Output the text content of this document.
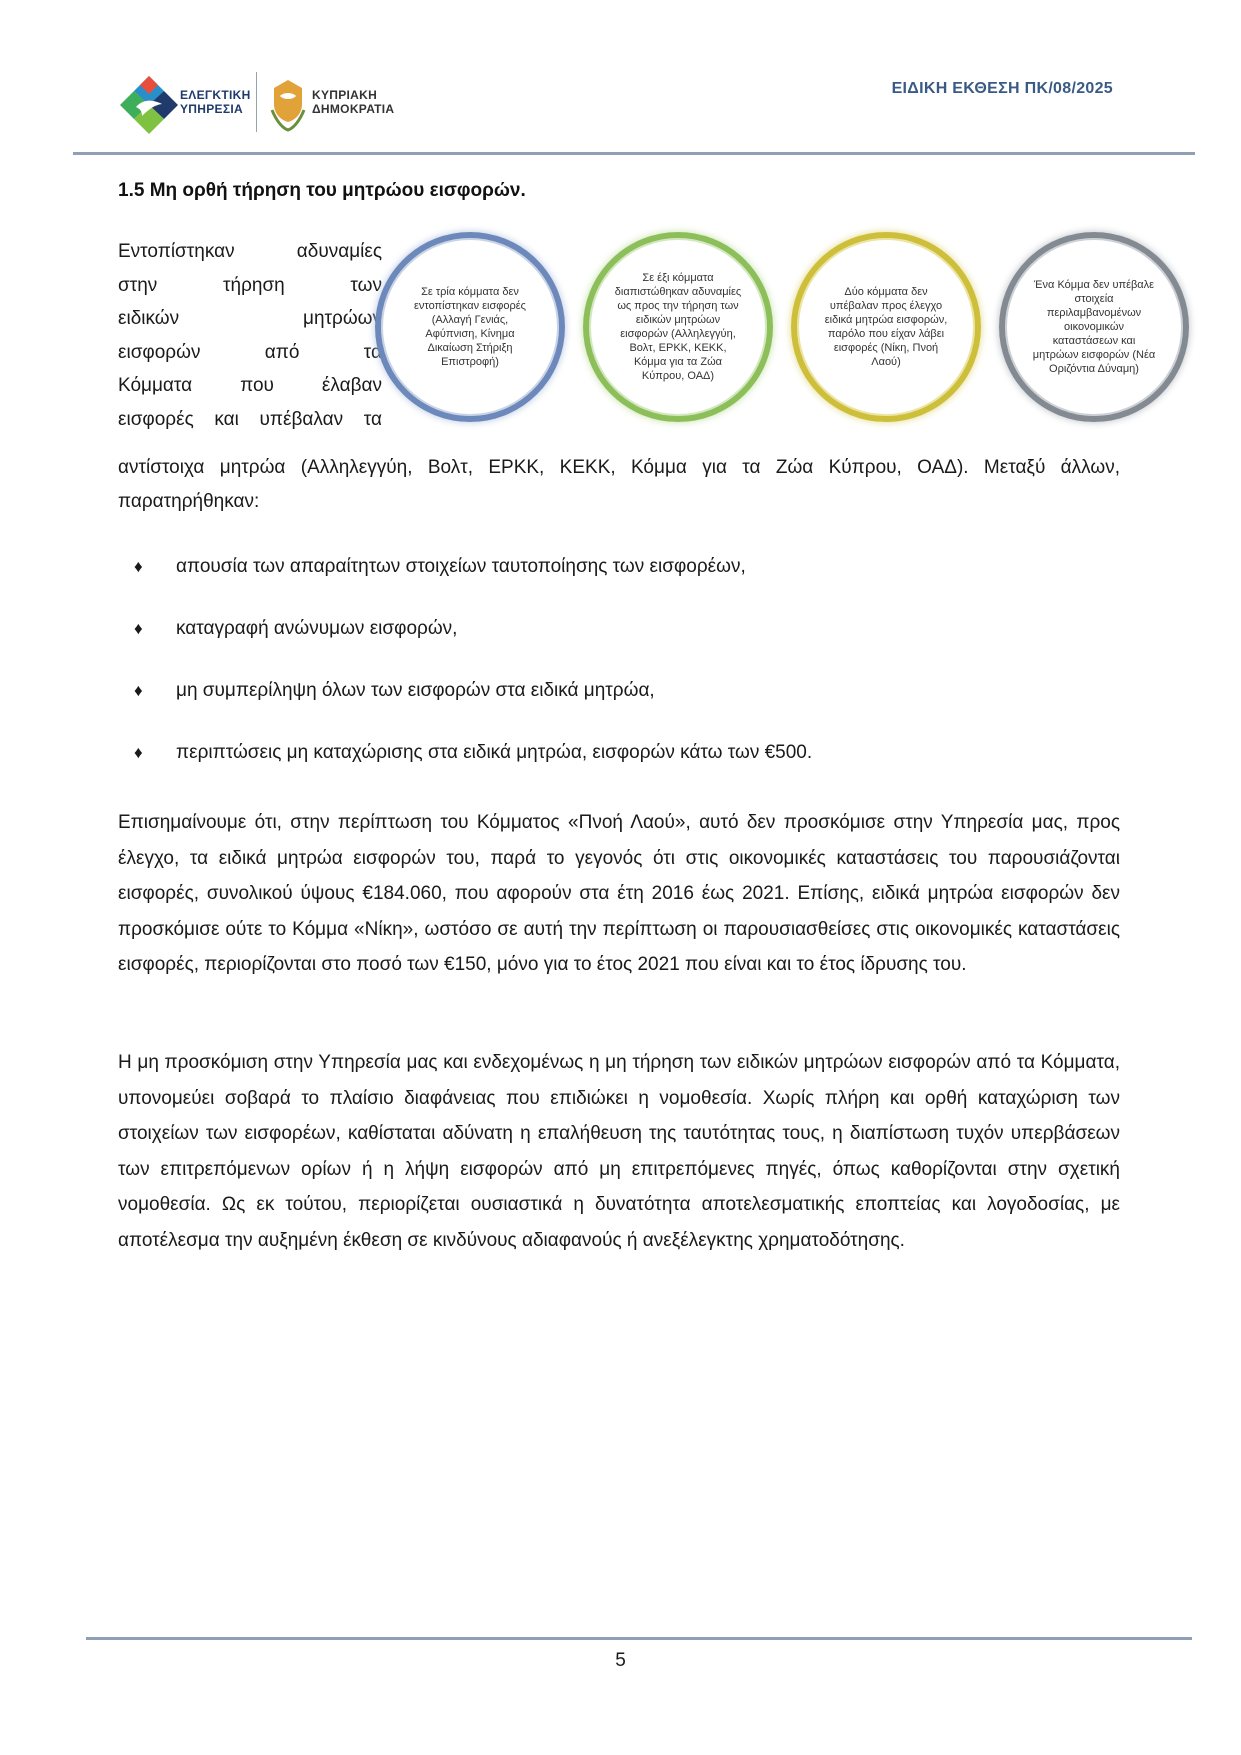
ΕΛΕΓΚΤΙΚΗ
ΥΠΗΡΕΣΙΑ
ΚΥΠΡΙΑΚΗ
ΔΗΜΟΚΡΑΤΙΑ
ΕΙΔΙΚΗ ΕΚΘΕΣΗ ΠΚ/08/2025
1.5 Μη ορθή τήρηση του μητρώου εισφορών.
Εντοπίστηκαν αδυναμίες
στην τήρηση των
ειδικών μητρώων
εισφορών από τα
Κόμματα που έλαβαν
εισφορές και υπέβαλαν τα
Σε τρία κόμματα δεν εντοπίστηκαν εισφορές (Αλλαγή Γενιάς, Αφύπνιση, Κίνημα Δικαίωση Στήριξη Επιστροφή)
Σε έξι κόμματα διαπιστώθηκαν αδυναμίες ως προς την τήρηση των ειδικών μητρώων εισφορών (Αλληλεγγύη, Βολτ, ΕΡΚΚ, ΚΕΚΚ, Κόμμα για τα Ζώα Κύπρου, ΟΑΔ)
Δύο κόμματα δεν υπέβαλαν προς έλεγχο ειδικά μητρώα εισφορών, παρόλο που είχαν λάβει εισφορές (Νίκη, Πνοή Λαού)
Ένα Κόμμα δεν υπέβαλε στοιχεία περιλαμβανομένων οικονομικών καταστάσεων και μητρώων εισφορών (Νέα Οριζόντια Δύναμη)
αντίστοιχα μητρώα (Αλληλεγγύη, Βολτ, ΕΡΚΚ, ΚΕΚΚ, Κόμμα για τα Ζώα Κύπρου, ΟΑΔ). Μεταξύ άλλων, παρατηρήθηκαν:
♦ απουσία των απαραίτητων στοιχείων ταυτοποίησης των εισφορέων,
♦ καταγραφή ανώνυμων εισφορών,
♦ μη συμπερίληψη όλων των εισφορών στα ειδικά μητρώα,
♦ περιπτώσεις μη καταχώρισης στα ειδικά μητρώα, εισφορών κάτω των €500.
Επισημαίνουμε ότι, στην περίπτωση του Κόμματος «Πνοή Λαού», αυτό δεν προσκόμισε στην Υπηρεσία μας, προς έλεγχο, τα ειδικά μητρώα εισφορών του, παρά το γεγονός ότι στις οικονομικές καταστάσεις του παρουσιάζονται εισφορές, συνολικού ύψους €184.060, που αφορούν στα έτη 2016 έως 2021. Επίσης, ειδικά μητρώα εισφορών δεν προσκόμισε ούτε το Κόμμα «Νίκη», ωστόσο σε αυτή την περίπτωση οι παρουσιασθείσες στις οικονομικές καταστάσεις εισφορές, περιορίζονται στο ποσό των €150, μόνο για το έτος 2021 που είναι και το έτος ίδρυσης του.
Η μη προσκόμιση στην Υπηρεσία μας και ενδεχομένως η μη τήρηση των ειδικών μητρώων εισφορών από τα Κόμματα, υπονομεύει σοβαρά το πλαίσιο διαφάνειας που επιδιώκει η νομοθεσία. Χωρίς πλήρη και ορθή καταχώριση των στοιχείων των εισφορέων, καθίσταται αδύνατη η επαλήθευση της ταυτότητας τους, η διαπίστωση τυχόν υπερβάσεων των επιτρεπόμενων ορίων ή η λήψη εισφορών από μη επιτρεπόμενες πηγές, όπως καθορίζονται στην σχετική νομοθεσία. Ως εκ τούτου, περιορίζεται ουσιαστικά η δυνατότητα αποτελεσματικής εποπτείας και λογοδοσίας, με αποτέλεσμα την αυξημένη έκθεση σε κινδύνους αδιαφανούς ή ανεξέλεγκτης χρηματοδότησης.
5
